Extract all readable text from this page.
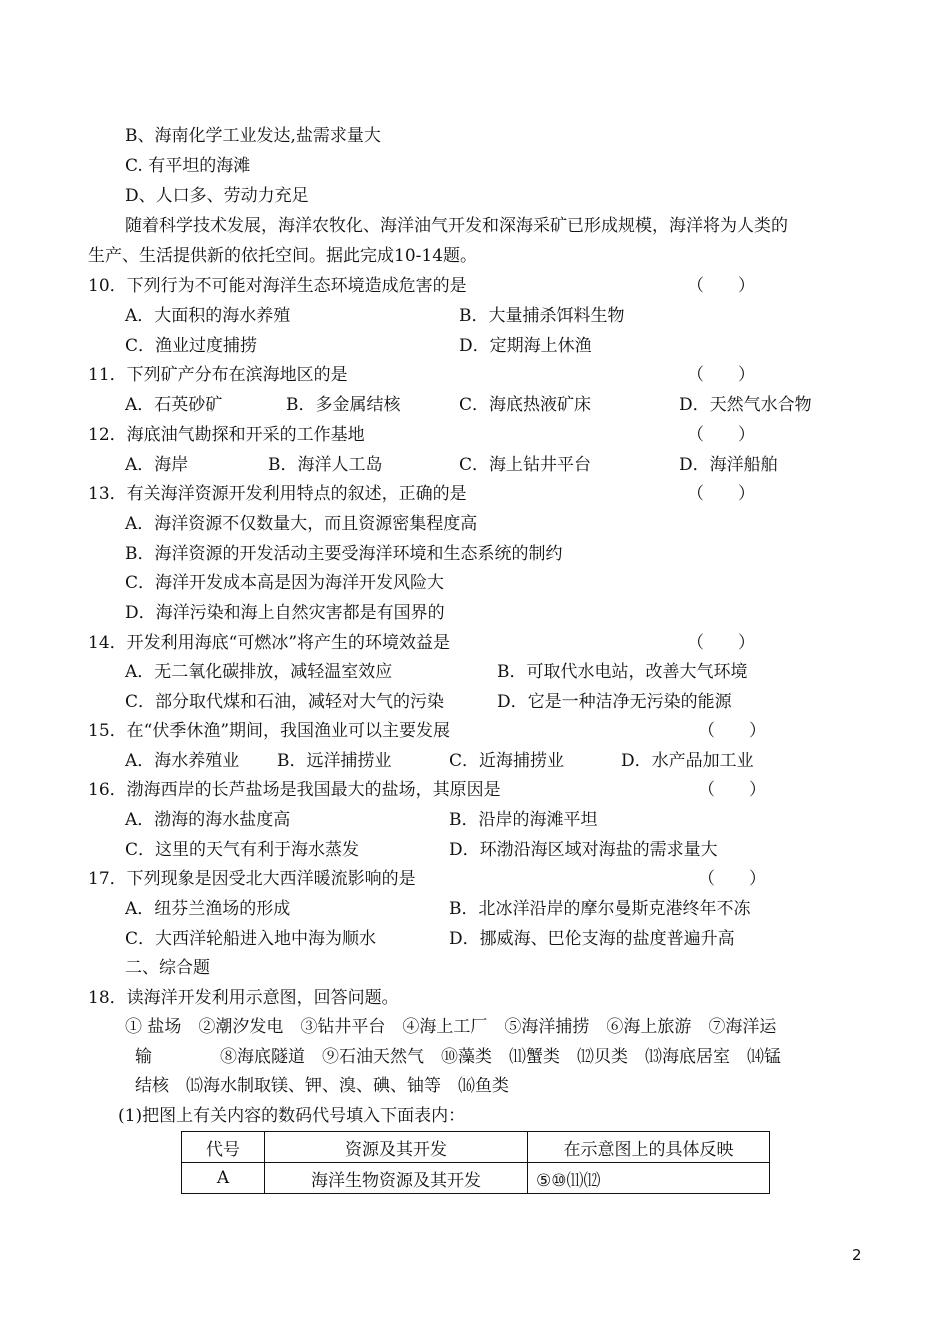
B、海南化学工业发达,盐需求量大
C. 有平坦的海滩
D、人口多、劳动力充足
随着科学技术发展，海洋农牧化、海洋油气开发和深海采矿已形成规模，海洋将为人类的
生产、生活提供新的依托空间。据此完成10-14题。
10．下列行为不可能对海洋生态环境造成危害的是	（　　）
A．大面积的海水养殖	B．大量捕杀饵料生物
C．渔业过度捕捞	D．定期海上休渔
11．下列矿产分布在滨海地区的是	（　　）
A．石英砂矿	B．多金属结核	C．海底热液矿床	D．天然气水合物
12．海底油气勘探和开采的工作基地	（　　）
A．海岸	B．海洋人工岛	C．海上钻井平台	D．海洋船舶
13．有关海洋资源开发利用特点的叙述，正确的是	（　　）
A．海洋资源不仅数量大，而且资源密集程度高
B．海洋资源的开发活动主要受海洋环境和生态系统的制约
C．海洋开发成本高是因为海洋开发风险大
D．海洋污染和海上自然灾害都是有国界的
14．开发利用海底“可燃冰”将产生的环境效益是	（　　）
A．无二氧化碳排放，减轻温室效应	B．可取代水电站，改善大气环境
C．部分取代煤和石油，减轻对大气的污染	D．它是一种洁净无污染的能源
15．在“伏季休渔”期间，我国渔业可以主要发展	（　　）
A．海水养殖业 B．远洋捕捞业	C．近海捕捞业	D．水产品加工业
16．渤海西岸的长芦盐场是我国最大的盐场，其原因是	（　　）
A．渤海的海水盐度高	B．沿岸的海滩平坦
C．这里的天气有利于海水蒸发	D．环渤沿海区域对海盐的需求量大
17．下列现象是因受北大西洋暖流影响的是	（　　）
A．纽芬兰渔场的形成	B．北冰洋沿岸的摩尔曼斯克港终年不冻
C．大西洋轮船进入地中海为顺水	D．挪威海、巴伦支海的盐度普遍升高
二、综合题
18．读海洋开发利用示意图，回答问题。
① 盐场　②潮汐发电　③钻井平台　④海上工厂　⑤海洋捕捞　⑥海上旅游　⑦海洋运
输　　　　⑧海底隧道　⑨石油天然气　⑩藻类　⑾蟹类　⑿贝类　⒀海底居室　⒁锰
结核　⒂海水制取镁、钾、溴、碘、铀等　⒃鱼类
(1)把图上有关内容的数码代号填入下面表内：
代号	资源及其开发	在示意图上的具体反映
A	海洋生物资源及其开发	⑤⑩⑾⑿
2
